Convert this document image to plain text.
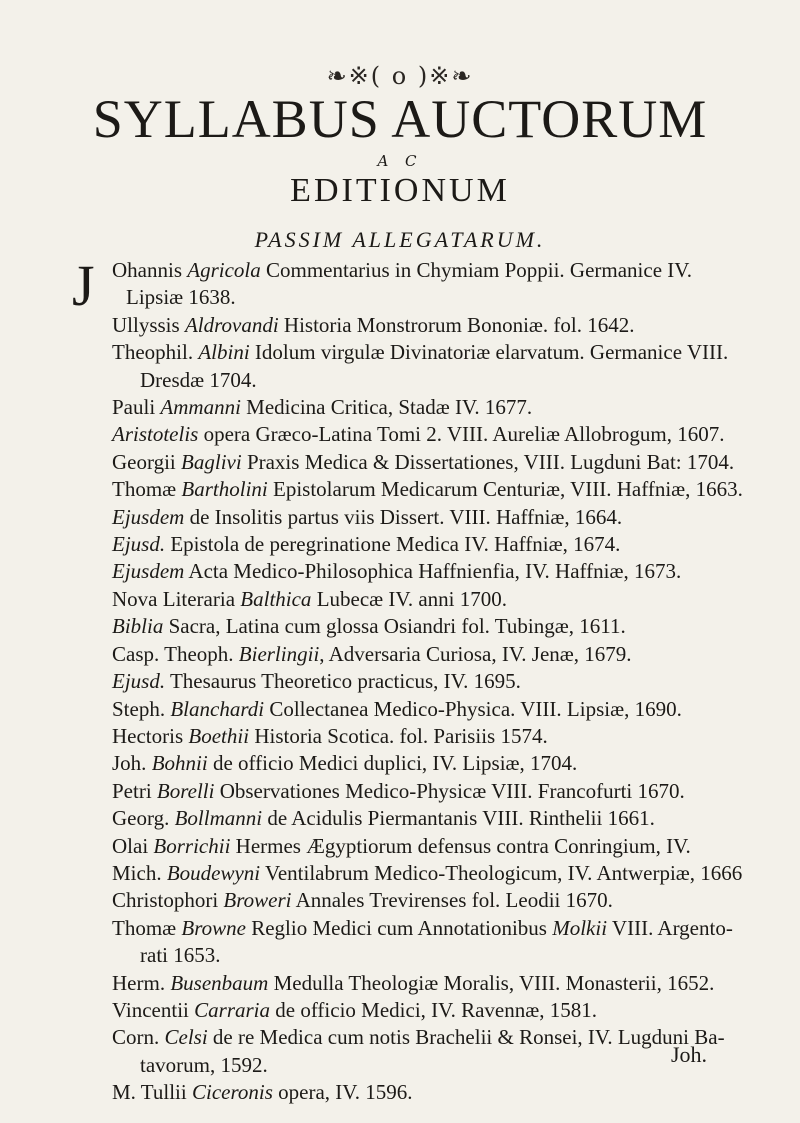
❧※( o )※❧
SYLLABUS AUCTORUM
A C
EDITIONUM
PASSIM ALLEGATARUM.
J Ohannis Agricola Commentarius in Chymiam Poppii. Germanice IV.
Lipsiæ 1638.
Ullyssis Aldrovandi Historia Monstrorum Bononiæ. fol. 1642.
Theophil. Albini Idolum virgulæ Divinatoriæ elarvatum. Germanice VIII.
Dresdæ 1704.
Pauli Ammanni Medicina Critica, Stadæ IV. 1677.
Aristotelis opera Græco-Latina Tomi 2. VIII. Aureliæ Allobrogum, 1607.
Georgii Baglivi Praxis Medica & Dissertationes, VIII. Lugduni Bat: 1704.
Thomæ Bartholini Epistolarum Medicarum Centuriæ, VIII. Haffniæ, 1663.
Ejusdem de Insolitis partus viis Dissert. VIII. Haffniæ, 1664.
Ejusd. Epistola de peregrinatione Medica IV. Haffniæ, 1674.
Ejusdem Acta Medico-Philosophica Haffnienfia, IV. Haffniæ, 1673.
Nova Literaria Balthica Lubecæ IV. anni 1700.
Biblia Sacra, Latina cum glossa Osiandri fol. Tubingæ, 1611.
Casp. Theoph. Bierlingii, Adversaria Curiosa, IV. Jenæ, 1679.
Ejusd. Thesaurus Theoretico practicus, IV. 1695.
Steph. Blanchardi Collectanea Medico-Physica. VIII. Lipsiæ, 1690.
Hectoris Boethii Historia Scotica. fol. Parisiis 1574.
Joh. Bohnii de officio Medici duplici, IV. Lipsiæ, 1704.
Petri Borelli Observationes Medico-Physicæ VIII. Francofurti 1670.
Georg. Bollmanni de Acidulis Piermantanis VIII. Rinthelii 1661.
Olai Borrichii Hermes Ægyptiorum defensus contra Conringium, IV.
Mich. Boudewyni Ventilabrum Medico-Theologicum, IV. Antwerpiæ, 1666
Christophori Broweri Annales Trevirenses fol. Leodii 1670.
Thomæ Browne Reglio Medici cum Annotationibus Molkii VIII. Argento-
rati 1653.
Herm. Busenbaum Medulla Theologiæ Moralis, VIII. Monasterii, 1652.
Vincentii Carraria de officio Medici, IV. Ravennæ, 1581.
Corn. Celsi de re Medica cum notis Brachelii & Ronsei, IV. Lugduni Ba-
tavorum, 1592.
M. Tullii Ciceronis opera, IV. 1596.
Joh.
